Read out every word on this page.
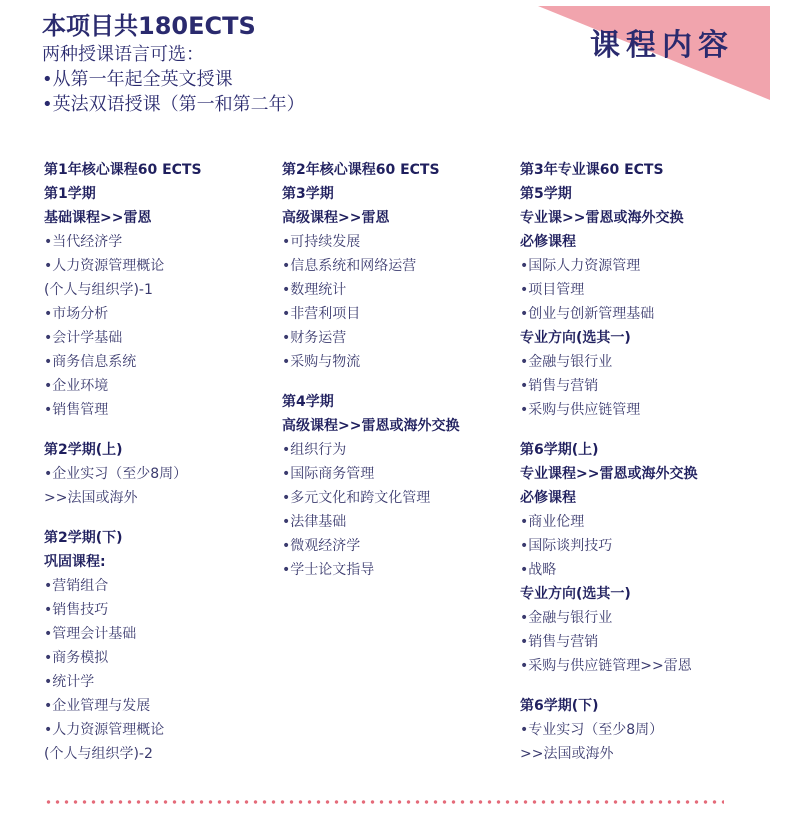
课程内容
本项目共180ECTS
两种授课语言可选：
•从第一年起全英文授课
•英法双语授课（第一和第二年）
第1年核心课程60 ECTS
第1学期
基础课程>>雷恩
•当代经济学
•人力资源管理概论
(个人与组织学)-1
•市场分析
•会计学基础
•商务信息系统
•企业环境
•销售管理
第2学期(上)
•企业实习（至少8周）
>>法国或海外
第2学期(下)
巩固课程:
•营销组合
•销售技巧
•管理会计基础
•商务模拟
•统计学
•企业管理与发展
•人力资源管理概论
(个人与组织学)-2
第2年核心课程60 ECTS
第3学期
高级课程>>雷恩
•可持续发展
•信息系统和网络运营
•数理统计
•非营利项目
•财务运营
•采购与物流
第4学期
高级课程>>雷恩或海外交换
•组织行为
•国际商务管理
•多元文化和跨文化管理
•法律基础
•微观经济学
•学士论文指导
第3年专业课60 ECTS
第5学期
专业课>>雷恩或海外交换
必修课程
•国际人力资源管理
•项目管理
•创业与创新管理基础
专业方向(选其一)
•金融与银行业
•销售与营销
•采购与供应链管理
第6学期(上)
专业课程>>雷恩或海外交换
必修课程
•商业伦理
•国际谈判技巧
•战略
专业方向(选其一)
•金融与银行业
•销售与营销
•采购与供应链管理>>雷恩
第6学期(下)
•专业实习（至少8周）
>>法国或海外
